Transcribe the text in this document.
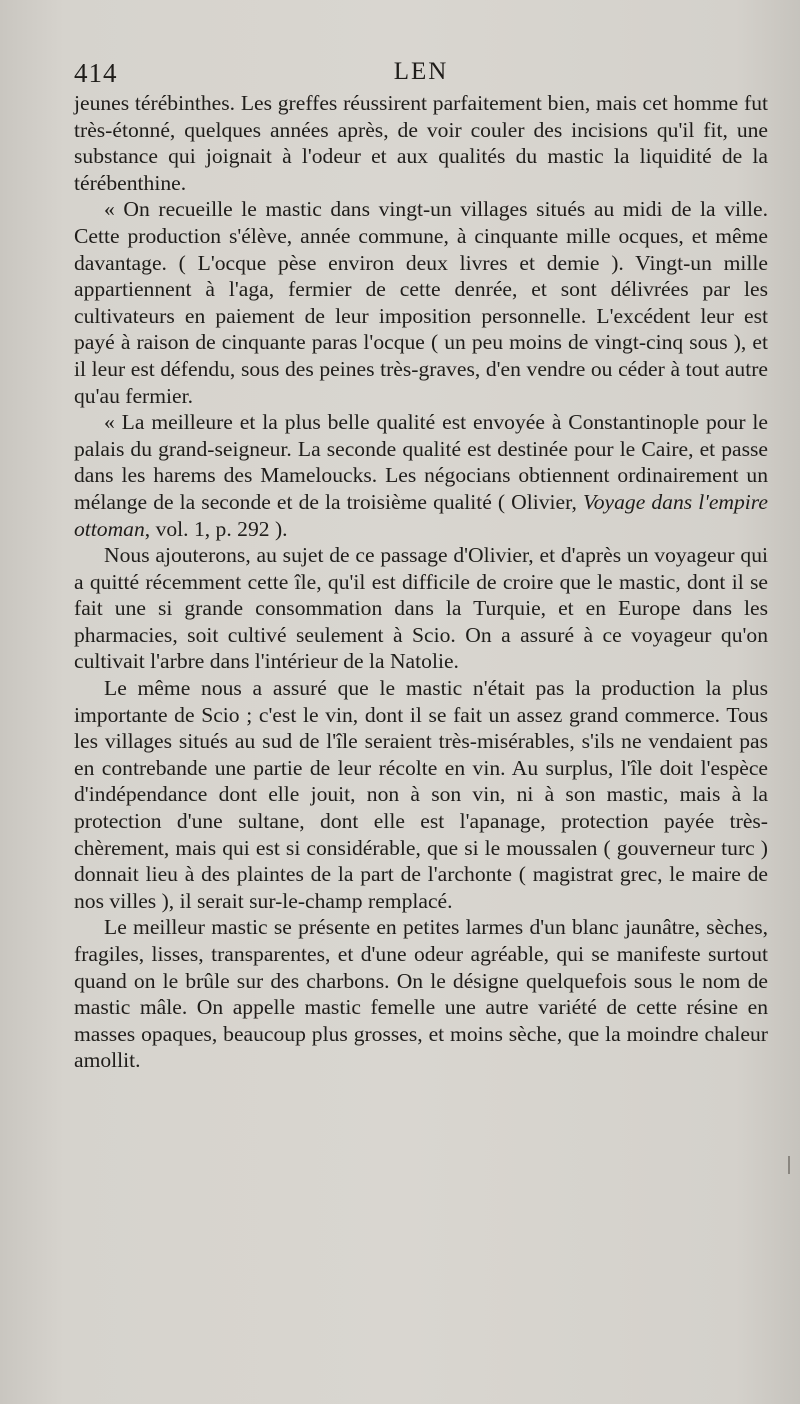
414	LEN

jeunes térébinthes. Les greffes réussirent parfaitement bien, mais cet homme fut très-étonné, quelques années après, de voir couler des incisions qu'il fit, une substance qui joignait à l'odeur et aux qualités du mastic la liquidité de la térébenthine.

« On recueille le mastic dans vingt-un villages situés au midi de la ville. Cette production s'élève, année commune, à cinquante mille ocques, et même davantage. ( L'ocque pèse environ deux livres et demie ). Vingt-un mille appartiennent à l'aga, fermier de cette denrée, et sont délivrées par les cultivateurs en paiement de leur imposition personnelle. L'excédent leur est payé à raison de cinquante paras l'ocque ( un peu moins de vingt-cinq sous ), et il leur est défendu, sous des peines très-graves, d'en vendre ou céder à tout autre qu'au fermier.

« La meilleure et la plus belle qualité est envoyée à Constantinople pour le palais du grand-seigneur. La seconde qualité est destinée pour le Caire, et passe dans les harems des Mameloucks. Les négocians obtiennent ordinairement un mélange de la seconde et de la troisième qualité ( Olivier, Voyage dans l'empire ottoman, vol. 1, p. 292 ).

Nous ajouterons, au sujet de ce passage d'Olivier, et d'après un voyageur qui a quitté récemment cette île, qu'il est difficile de croire que le mastic, dont il se fait une si grande consommation dans la Turquie, et en Europe dans les pharmacies, soit cultivé seulement à Scio. On a assuré à ce voyageur qu'on cultivait l'arbre dans l'intérieur de la Natolie.

Le même nous a assuré que le mastic n'était pas la production la plus importante de Scio ; c'est le vin, dont il se fait un assez grand commerce. Tous les villages situés au sud de l'île seraient très-misérables, s'ils ne vendaient pas en contrebande une partie de leur récolte en vin. Au surplus, l'île doit l'espèce d'indépendance dont elle jouit, non à son vin, ni à son mastic, mais à la protection d'une sultane, dont elle est l'apanage, protection payée très-chèrement, mais qui est si considérable, que si le moussalen ( gouverneur turc ) donnait lieu à des plaintes de la part de l'archonte ( magistrat grec, le maire de nos villes ), il serait sur-le-champ remplacé.

Le meilleur mastic se présente en petites larmes d'un blanc jaunâtre, sèches, fragiles, lisses, transparentes, et d'une odeur agréable, qui se manifeste surtout quand on le brûle sur des charbons. On le désigne quelquefois sous le nom de mastic mâle. On appelle mastic femelle une autre variété de cette résine en masses opaques, beaucoup plus grosses, et moins sèche, que la moindre chaleur amollit.
